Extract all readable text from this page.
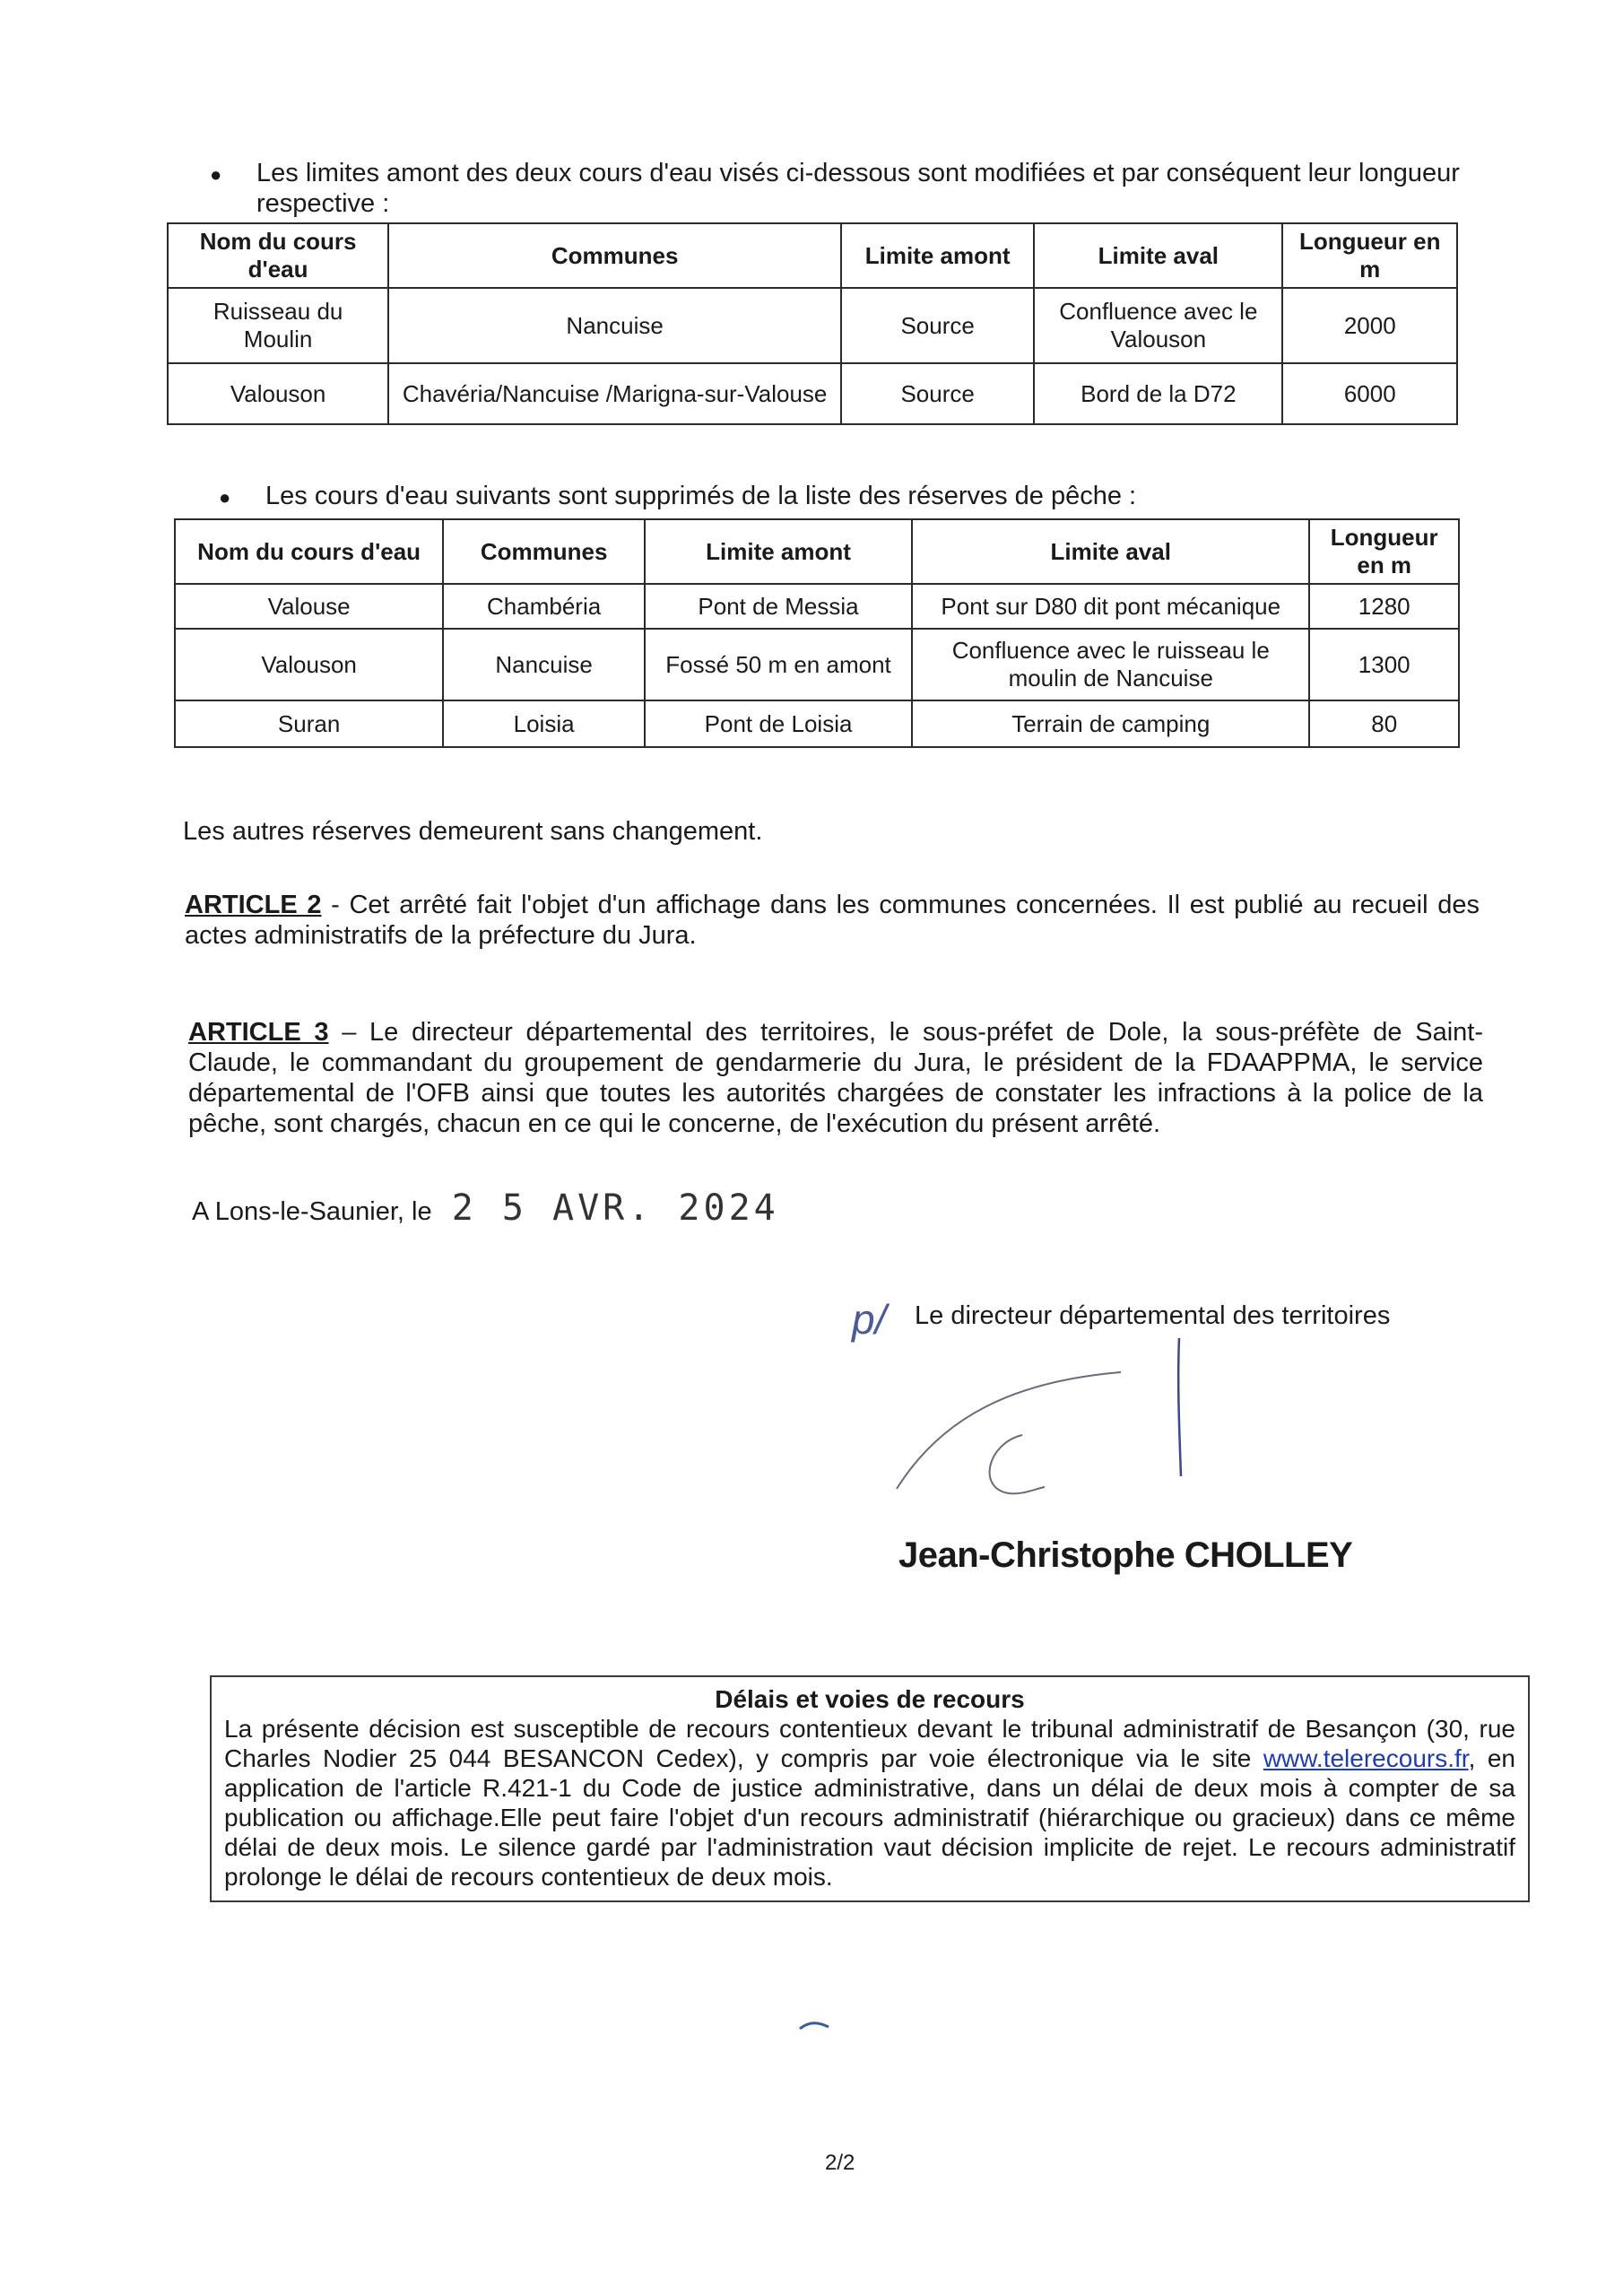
● Les limites amont des deux cours d'eau visés ci-dessous sont modifiées et par conséquent leur longueur respective :
Nom du cours d'eau	Communes	Limite amont	Limite aval	Longueur en m
Ruisseau du Moulin	Nancuise	Source	Confluence avec le Valouson	2000
Valouson	Chavéria/Nancuise /Marigna-sur-Valouse	Source	Bord de la D72	6000
● Les cours d'eau suivants sont supprimés de la liste des réserves de pêche :
Nom du cours d'eau	Communes	Limite amont	Limite aval	Longueur en m
Valouse	Chambéria	Pont de Messia	Pont sur D80 dit pont mécanique	1280
Valouson	Nancuise	Fossé 50 m en amont	Confluence avec le ruisseau le moulin de Nancuise	1300
Suran	Loisia	Pont de Loisia	Terrain de camping	80
Les autres réserves demeurent sans changement.
ARTICLE 2 - Cet arrêté fait l'objet d'un affichage dans les communes concernées. Il est publié au recueil des actes administratifs de la préfecture du Jura.
ARTICLE 3 – Le directeur départemental des territoires, le sous-préfet de Dole, la sous-préfète de Saint-Claude, le commandant du groupement de gendarmerie du Jura, le président de la FDAAPPMA, le service départemental de l'OFB ainsi que toutes les autorités chargées de constater les infractions à la police de la pêche, sont chargés, chacun en ce qui le concerne, de l'exécution du présent arrêté.
A Lons-le-Saunier, le 2 5 AVR. 2024
p/ Le directeur départemental des territoires
Jean-Christophe CHOLLEY
Délais et voies de recours
La présente décision est susceptible de recours contentieux devant le tribunal administratif de Besançon (30, rue Charles Nodier 25 044 BESANCON Cedex), y compris par voie électronique via le site www.telerecours.fr, en application de l'article R.421-1 du Code de justice administrative, dans un délai de deux mois à compter de sa publication ou affichage.Elle peut faire l'objet d'un recours administratif (hiérarchique ou gracieux) dans ce même délai de deux mois. Le silence gardé par l'administration vaut décision implicite de rejet. Le recours administratif prolonge le délai de recours contentieux de deux mois.
2/2
